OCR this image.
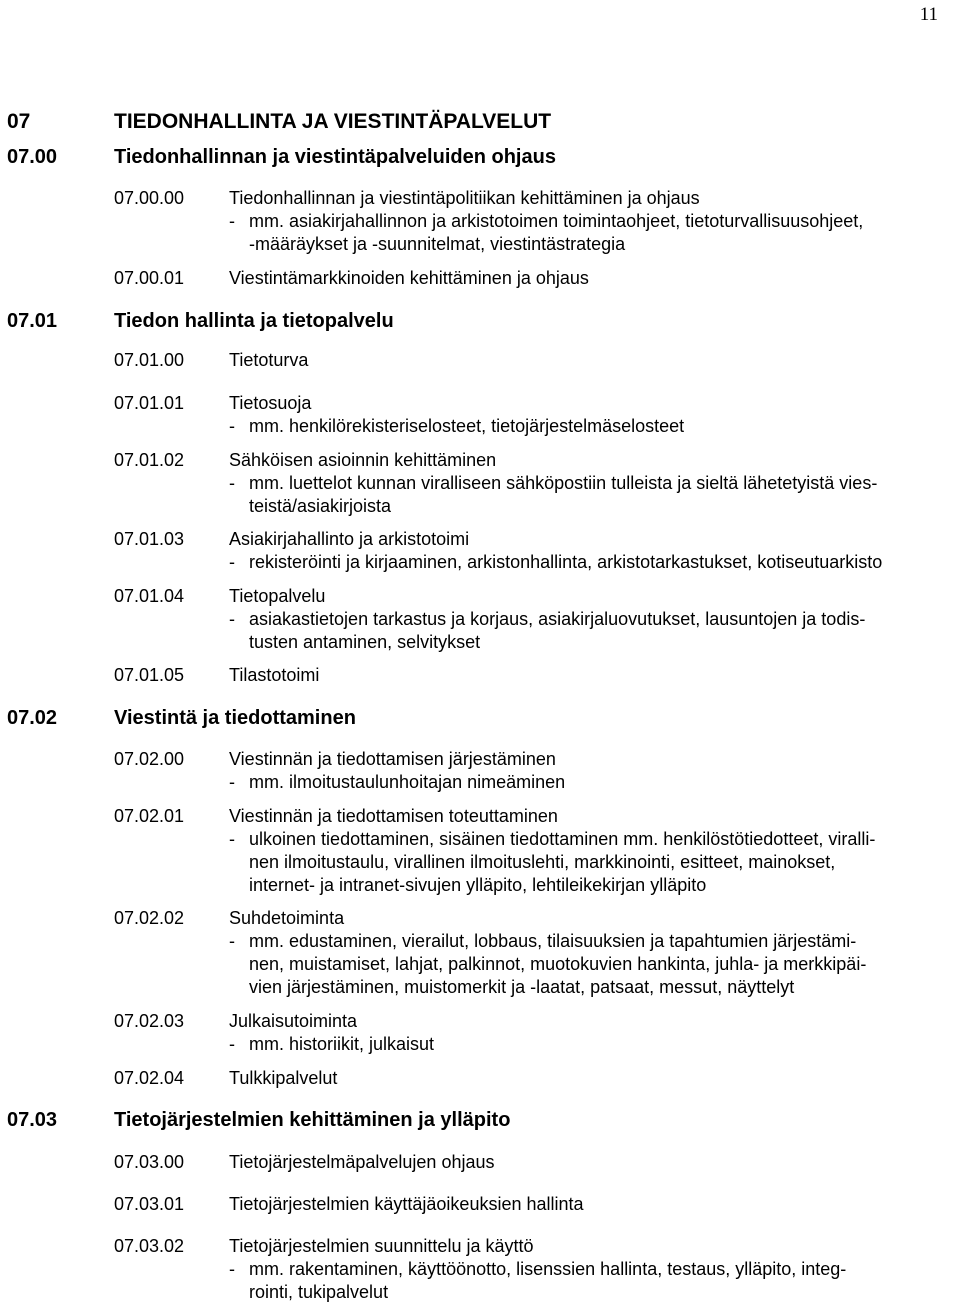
11
07	TIEDONHALLINTA JA VIESTINTÄPALVELUT
07.00	Tiedonhallinnan ja viestintäpalveluiden ohjaus
07.00.00 Tiedonhallinnan ja viestintäpolitiikan kehittäminen ja ohjaus
- mm. asiakirjahallinnon ja arkistotoimen toimintaohjeet, tietoturvallisuusohjeet,
-määräykset ja -suunnitelmat, viestintästrategia
07.00.01 Viestintämarkkinoiden kehittäminen ja ohjaus
07.01	Tiedon hallinta ja tietopalvelu
07.01.00 Tietoturva
07.01.01 Tietosuoja
- mm. henkilörekisteriselosteet, tietojärjestelmäselosteet
07.01.02 Sähköisen asioinnin kehittäminen
- mm. luettelot kunnan viralliseen sähköpostiin tulleista ja sieltä lähetetyistä vies-
teistä/asiakirjoista
07.01.03 Asiakirjahallinto ja arkistotoimi
- rekisteröinti ja kirjaaminen, arkistonhallinta, arkistotarkastukset, kotiseutuarkisto
07.01.04 Tietopalvelu
- asiakastietojen tarkastus ja korjaus, asiakirjaluovutukset, lausuntojen ja todis-
tusten antaminen, selvitykset
07.01.05 Tilastotoimi
07.02	Viestintä ja tiedottaminen
07.02.00 Viestinnän ja tiedottamisen järjestäminen
- mm. ilmoitustaulunhoitajan nimeäminen
07.02.01 Viestinnän ja tiedottamisen toteuttaminen
- ulkoinen tiedottaminen, sisäinen tiedottaminen mm. henkilöstötiedotteet, viralli-
nen ilmoitustaulu, virallinen ilmoituslehti, markkinointi, esitteet, mainokset,
internet- ja intranet-sivujen ylläpito, lehtileikekirjan ylläpito
07.02.02 Suhdetoiminta
- mm. edustaminen, vierailut, lobbaus, tilaisuuksien ja tapahtumien järjestämi-
nen, muistamiset, lahjat, palkinnot, muotokuvien hankinta, juhla- ja merkkipäi-
vien järjestäminen, muistomerkit ja -laatat, patsaat, messut, näyttelyt
07.02.03 Julkaisutoiminta
- mm. historiikit, julkaisut
07.02.04 Tulkkipalvelut
07.03	Tietojärjestelmien kehittäminen ja ylläpito
07.03.00 Tietojärjestelmäpalvelujen ohjaus
07.03.01 Tietojärjestelmien käyttäjäoikeuksien hallinta
07.03.02 Tietojärjestelmien suunnittelu ja käyttö
- mm. rakentaminen, käyttöönotto, lisenssien hallinta, testaus, ylläpito, integ-
rointi, tukipalvelut
